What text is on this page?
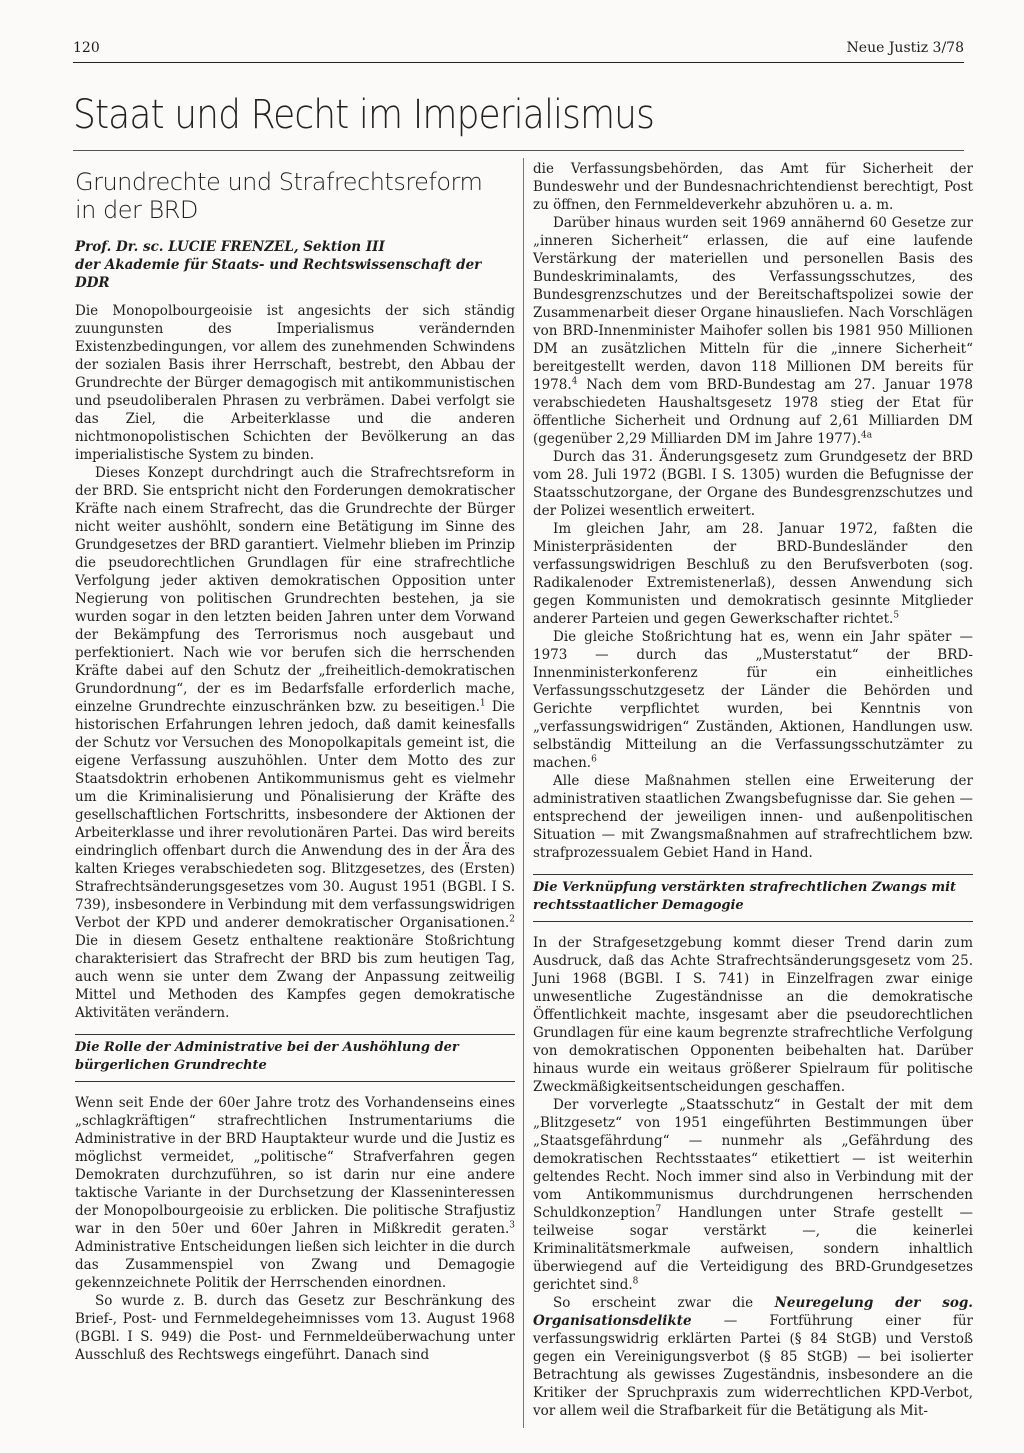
120	Neue Justiz 3/78
Staat und Recht im Imperialismus
Grundrechte und Strafrechtsreform
in der BRD
Prof. Dr. sc. LUCIE FRENZEL, Sektion III
der Akademie für Staats- und Rechtswissenschaft der DDR

Die Monopolbourgeoisie ist angesichts der sich ständig zuungunsten des Imperialismus verändernden Existenzbedingungen, vor allem des zunehmenden Schwindens der sozialen Basis ihrer Herrschaft, bestrebt, den Abbau der Grundrechte der Bürger demagogisch mit antikommunistischen und pseudoliberalen Phrasen zu verbrämen. Dabei verfolgt sie das Ziel, die Arbeiterklasse und die anderen nichtmonopolistischen Schichten der Bevölkerung an das imperialistische System zu binden.

Dieses Konzept durchdringt auch die Strafrechtsreform in der BRD. Sie entspricht nicht den Forderungen demokratischer Kräfte nach einem Strafrecht, das die Grundrechte der Bürger nicht weiter aushöhlt, sondern eine Betätigung im Sinne des Grundgesetzes der BRD garantiert. Vielmehr blieben im Prinzip die pseudorechtlichen Grundlagen für eine strafrechtliche Verfolgung jeder aktiven demokratischen Opposition unter Negierung von politischen Grundrechten bestehen, ja sie wurden sogar in den letzten beiden Jahren unter dem Vorwand der Bekämpfung des Terrorismus noch ausgebaut und perfektioniert. Nach wie vor berufen sich die herrschenden Kräfte dabei auf den Schutz der „freiheitlich-demokratischen Grundordnung“, der es im Bedarfsfalle erforderlich mache, einzelne Grundrechte einzuschränken bzw. zu beseitigen.$^1$ Die historischen Erfahrungen lehren jedoch, daß damit keinesfalls der Schutz vor Versuchen des Monopolkapitals gemeint ist, die eigene Verfassung auszuhöhlen. Unter dem Motto des zur Staatsdoktrin erhobenen Antikommunismus geht es vielmehr um die Kriminalisierung und Pönalisierung der Kräfte des gesellschaftlichen Fortschritts, insbesondere der Aktionen der Arbeiterklasse und ihrer revolutionären Partei. Das wird bereits eindringlich offenbart durch die Anwendung des in der Ära des kalten Krieges verabschiedeten sog. Blitzgesetzes, des (Ersten) Strafrechtsänderungsgesetzes vom 30. August 1951 (BGBl. I S. 739), insbesondere in Verbindung mit dem verfassungswidrigen Verbot der KPD und anderer demokratischer Organisationen.$^2$ Die in diesem Gesetz enthaltene reaktionäre Stoßrichtung charakterisiert das Strafrecht der BRD bis zum heutigen Tag, auch wenn sie unter dem Zwang der Anpassung zeitweilig Mittel und Methoden des Kampfes gegen demokratische Aktivitäten verändern.

Die Rolle der Administrative bei der Aushöhlung der bürgerlichen Grundrechte

Wenn seit Ende der 60er Jahre trotz des Vorhandenseins eines „schlagkräftigen“ strafrechtlichen Instrumentariums die Administrative in der BRD Hauptakteur wurde und die Justiz es möglichst vermeidet, „politische“ Strafverfahren gegen Demokraten durchzuführen, so ist darin nur eine andere taktische Variante in der Durchsetzung der Klasseninteressen der Monopolbourgeoisie zu erblicken. Die politische Strafjustiz war in den 50er und 60er Jahren in Mißkredit geraten.$^3$ Administrative Entscheidungen ließen sich leichter in die durch das Zusammenspiel von Zwang und Demagogie gekennzeichnete Politik der Herrschenden einordnen.

So wurde z. B. durch das Gesetz zur Beschränkung des Brief-, Post- und Fernmeldegeheimnisses vom 13. August 1968 (BGBl. I S. 949) die Post- und Fernmeldeüberwachung unter Ausschluß des Rechtswegs eingeführt. Danach sind

die Verfassungsbehörden, das Amt für Sicherheit der Bundeswehr und der Bundesnachrichtendienst berechtigt, Post zu öffnen, den Fernmeldeverkehr abzuhören u. a. m.

Darüber hinaus wurden seit 1969 annähernd 60 Gesetze zur „inneren Sicherheit“ erlassen, die auf eine laufende Verstärkung der materiellen und personellen Basis des Bundeskriminalamts, des Verfassungsschutzes, des Bundesgrenzschutzes und der Bereitschaftspolizei sowie der Zusammenarbeit dieser Organe hinausliefen. Nach Vorschlägen von BRD-Innenminister Maihofer sollen bis 1981 950 Millionen DM an zusätzlichen Mitteln für die „innere Sicherheit“ bereitgestellt werden, davon 118 Millionen DM bereits für 1978.$^4$ Nach dem vom BRD-Bundestag am 27. Januar 1978 verabschiedeten Haushaltsgesetz 1978 stieg der Etat für öffentliche Sicherheit und Ordnung auf 2,61 Milliarden DM (gegenüber 2,29 Milliarden DM im Jahre 1977).$^{4a}$

Durch das 31. Änderungsgesetz zum Grundgesetz der BRD vom 28. Juli 1972 (BGBl. I S. 1305) wurden die Befugnisse der Staatsschutzorgane, der Organe des Bundesgrenzschutzes und der Polizei wesentlich erweitert.

Im gleichen Jahr, am 28. Januar 1972, faßten die Ministerpräsidenten der BRD-Bundesländer den verfassungswidrigen Beschluß zu den Berufsverboten (sog. Radikalenoder Extremistenerlaß), dessen Anwendung sich gegen Kommunisten und demokratisch gesinnte Mitglieder anderer Parteien und gegen Gewerkschafter richtet.$^5$

Die gleiche Stoßrichtung hat es, wenn ein Jahr später — 1973 — durch das „Musterstatut“ der BRD-Innenministerkonferenz für ein einheitliches Verfassungsschutzgesetz der Länder die Behörden und Gerichte verpflichtet wurden, bei Kenntnis von „verfassungswidrigen“ Zuständen, Aktionen, Handlungen usw. selbständig Mitteilung an die Verfassungsschutzämter zu machen.$^6$

Alle diese Maßnahmen stellen eine Erweiterung der administrativen staatlichen Zwangsbefugnisse dar. Sie gehen — entsprechend der jeweiligen innen- und außenpolitischen Situation — mit Zwangsmaßnahmen auf strafrechtlichem bzw. strafprozessualem Gebiet Hand in Hand.

Die Verknüpfung verstärkten strafrechtlichen Zwangs mit rechtsstaatlicher Demagogie

In der Strafgesetzgebung kommt dieser Trend darin zum Ausdruck, daß das Achte Strafrechtsänderungsgesetz vom 25. Juni 1968 (BGBl. I S. 741) in Einzelfragen zwar einige unwesentliche Zugeständnisse an die demokratische Öffentlichkeit machte, insgesamt aber die pseudorechtlichen Grundlagen für eine kaum begrenzte strafrechtliche Verfolgung von demokratischen Opponenten beibehalten hat. Darüber hinaus wurde ein weitaus größerer Spielraum für politische Zweckmäßigkeitsentscheidungen geschaffen.

Der vorverlegte „Staatsschutz“ in Gestalt der mit dem „Blitzgesetz“ von 1951 eingeführten Bestimmungen über „Staatsgefährdung“ — nunmehr als „Gefährdung des demokratischen Rechtsstaates“ etikettiert — ist weiterhin geltendes Recht. Noch immer sind also in Verbindung mit der vom Antikommunismus durchdrungenen herrschenden Schuldkonzeption$^7$ Handlungen unter Strafe gestellt — teilweise sogar verstärkt —, die keinerlei Kriminalitätsmerkmale aufweisen, sondern inhaltlich überwiegend auf die Verteidigung des BRD-Grundgesetzes gerichtet sind.$^8$

So erscheint zwar die Neuregelung der sog. Organisationsdelikte — Fortführung einer für verfassungswidrig erklärten Partei (§ 84 StGB) und Verstoß gegen ein Vereinigungsverbot (§ 85 StGB) — bei isolierter Betrachtung als gewisses Zugeständnis, insbesondere an die Kritiker der Spruchpraxis zum widerrechtlichen KPD-Verbot, vor allem weil die Strafbarkeit für die Betätigung als Mit-
